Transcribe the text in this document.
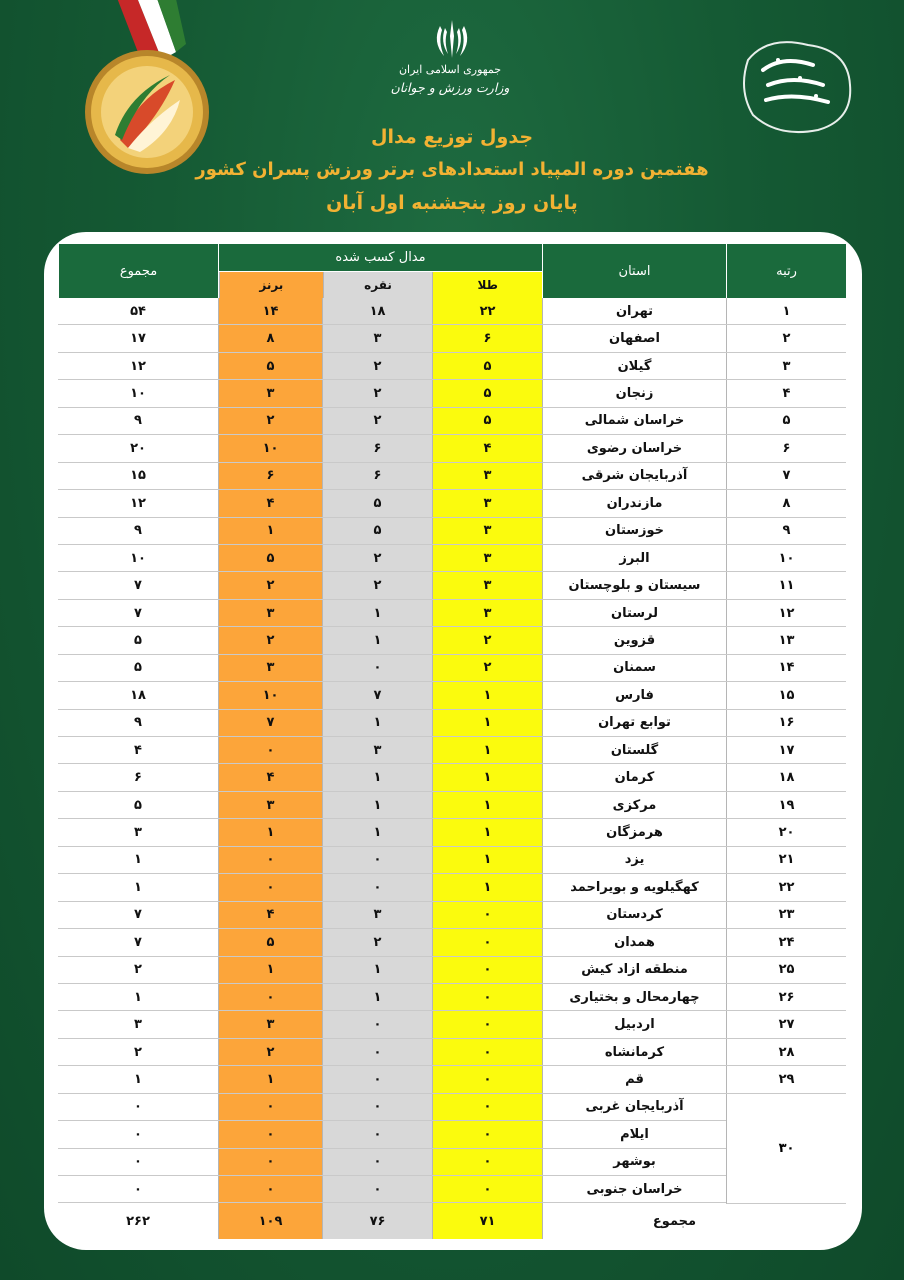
جمهوری اسلامی ایران
وزارت ورزش و جوانان
جدول توزیع مدال
هفتمین دوره المپیاد استعدادهای برتر ورزش پسران کشور
پایان روز پنجشنبه اول آبان
رتبه
استان
مدال کسب شده
طلا
نقره
برنز
مجموع
۱
تهران
۲۲
۱۸
۱۴
۵۴
۲
اصفهان
۶
۳
۸
۱۷
۳
گیلان
۵
۲
۵
۱۲
۴
زنجان
۵
۲
۳
۱۰
۵
خراسان شمالی
۵
۲
۲
۹
۶
خراسان رضوی
۴
۶
۱۰
۲۰
۷
آذربایجان شرقی
۳
۶
۶
۱۵
۸
مازندران
۳
۵
۴
۱۲
۹
خوزستان
۳
۵
۱
۹
۱۰
البرز
۳
۲
۵
۱۰
۱۱
سیستان و بلوچستان
۳
۲
۲
۷
۱۲
لرستان
۳
۱
۳
۷
۱۳
قزوین
۲
۱
۲
۵
۱۴
سمنان
۲
۰
۳
۵
۱۵
فارس
۱
۷
۱۰
۱۸
۱۶
توابع تهران
۱
۱
۷
۹
۱۷
گلستان
۱
۳
۰
۴
۱۸
کرمان
۱
۱
۴
۶
۱۹
مرکزی
۱
۱
۳
۵
۲۰
هرمزگان
۱
۱
۱
۳
۲۱
یزد
۱
۰
۰
۱
۲۲
کهگیلویه و بویراحمد
۱
۰
۰
۱
۲۳
کردستان
۰
۳
۴
۷
۲۴
همدان
۰
۲
۵
۷
۲۵
منطقه ازاد کیش
۰
۱
۱
۲
۲۶
چهارمحال و بختیاری
۰
۱
۰
۱
۲۷
اردبیل
۰
۰
۳
۳
۲۸
کرمانشاه
۰
۰
۲
۲
۲۹
قم
۰
۰
۱
۱
آذربایجان غربی
۰
۰
۰
۰
ایلام
۰
۰
۰
۰
بوشهر
۰
۰
۰
۰
خراسان جنوبی
۰
۰
۰
۰
۳۰
مجموع
۷۱
۷۶
۱۰۹
۲۶۲
